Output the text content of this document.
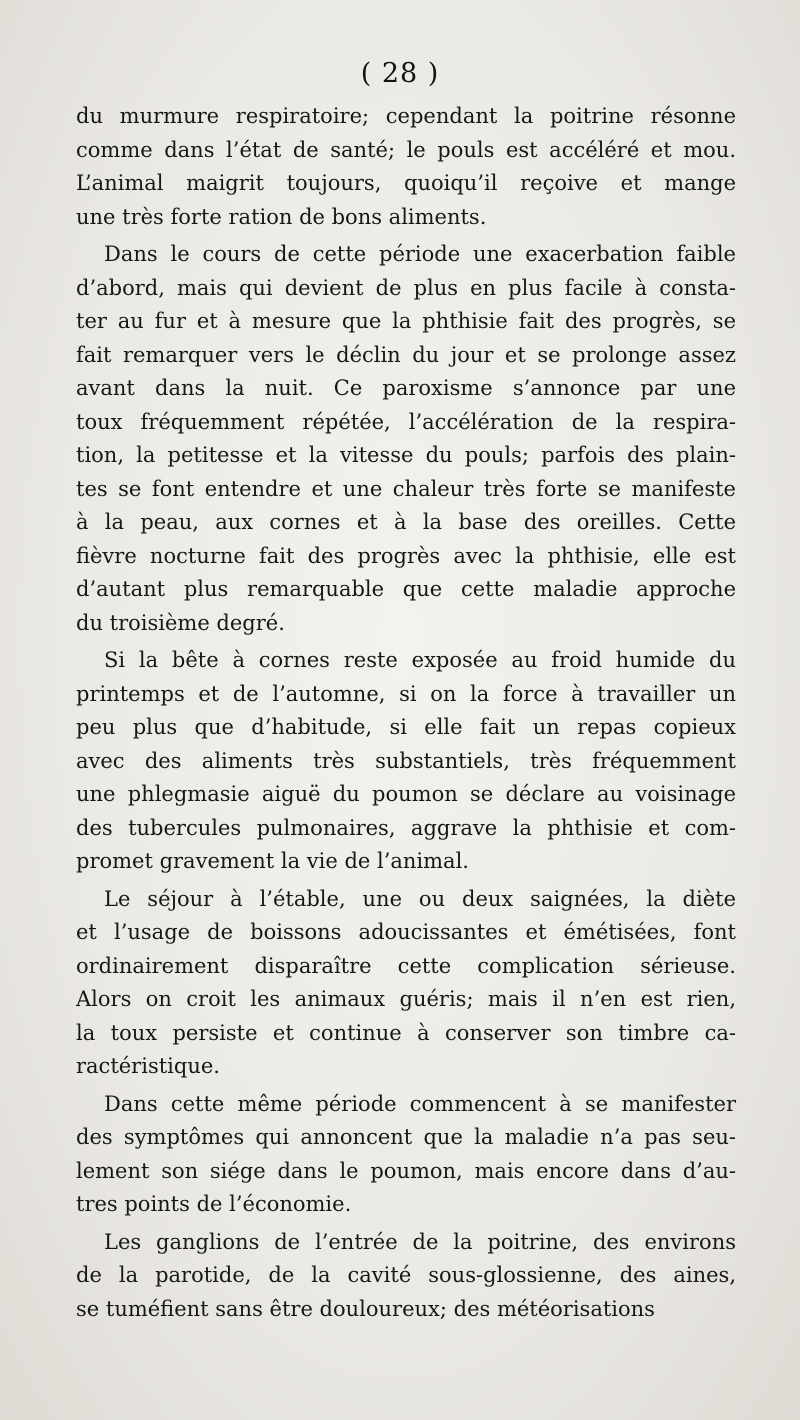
( 28 )
du murmure respiratoire; cependant la poitrine résonne
comme dans l’état de santé; le pouls est accéléré et mou.
L’animal maigrit toujours, quoiqu’il reçoive et mange
une très forte ration de bons aliments.
Dans le cours de cette période une exacerbation faible
d’abord, mais qui devient de plus en plus facile à consta-
ter au fur et à mesure que la phthisie fait des progrès, se
fait remarquer vers le déclin du jour et se prolonge assez
avant dans la nuit. Ce paroxisme s’annonce par une
toux fréquemment répétée, l’accélération de la respira-
tion, la petitesse et la vitesse du pouls; parfois des plain-
tes se font entendre et une chaleur très forte se manifeste
à la peau, aux cornes et à la base des oreilles. Cette
fièvre nocturne fait des progrès avec la phthisie, elle est
d’autant plus remarquable que cette maladie approche
du troisième degré.
Si la bête à cornes reste exposée au froid humide du
printemps et de l’automne, si on la force à travailler un
peu plus que d’habitude, si elle fait un repas copieux
avec des aliments très substantiels, très fréquemment
une phlegmasie aiguë du poumon se déclare au voisinage
des tubercules pulmonaires, aggrave la phthisie et com-
promet gravement la vie de l’animal.
Le séjour à l’étable, une ou deux saignées, la diète
et l’usage de boissons adoucissantes et émétisées, font
ordinairement disparaître cette complication sérieuse.
Alors on croit les animaux guéris; mais il n’en est rien,
la toux persiste et continue à conserver son timbre ca-
ractéristique.
Dans cette même période commencent à se manifester
des symptômes qui annoncent que la maladie n’a pas seu-
lement son siége dans le poumon, mais encore dans d’au-
tres points de l’économie.
Les ganglions de l’entrée de la poitrine, des environs
de la parotide, de la cavité sous-glossienne, des aines,
se tuméfient sans être douloureux; des météorisations
